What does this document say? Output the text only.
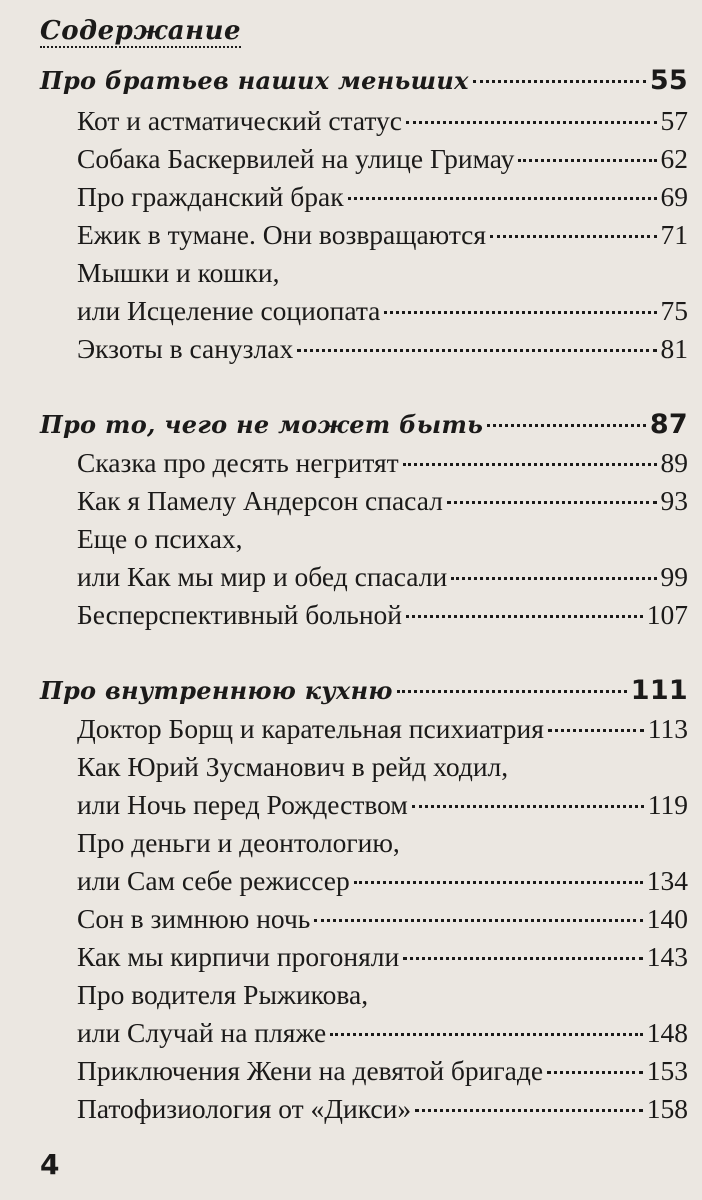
Содержание
Про братьев наших меньших	55
Кот и астматический статус	57
Собака Баскервилей на улице Гримау	62
Про гражданский брак	69
Ежик в тумане. Они возвращаются	71
Мышки и кошки,
или Исцеление социопата	75
Экзоты в санузлах	81
Про то, чего не может быть	87
Сказка про десять негритят	89
Как я Памелу Андерсон спасал	93
Еще о психах,
или Как мы мир и обед спасали	99
Бесперспективный больной	107
Про внутреннюю кухню	111
Доктор Борщ и карательная психиатрия	113
Как Юрий Зусманович в рейд ходил,
или Ночь перед Рождеством	119
Про деньги и деонтологию,
или Сам себе режиссер	134
Сон в зимнюю ночь	140
Как мы кирпичи прогоняли	143
Про водителя Рыжикова,
или Случай на пляже	148
Приключения Жени на девятой бригаде	153
Патофизиология от «Дикси»	158
4
